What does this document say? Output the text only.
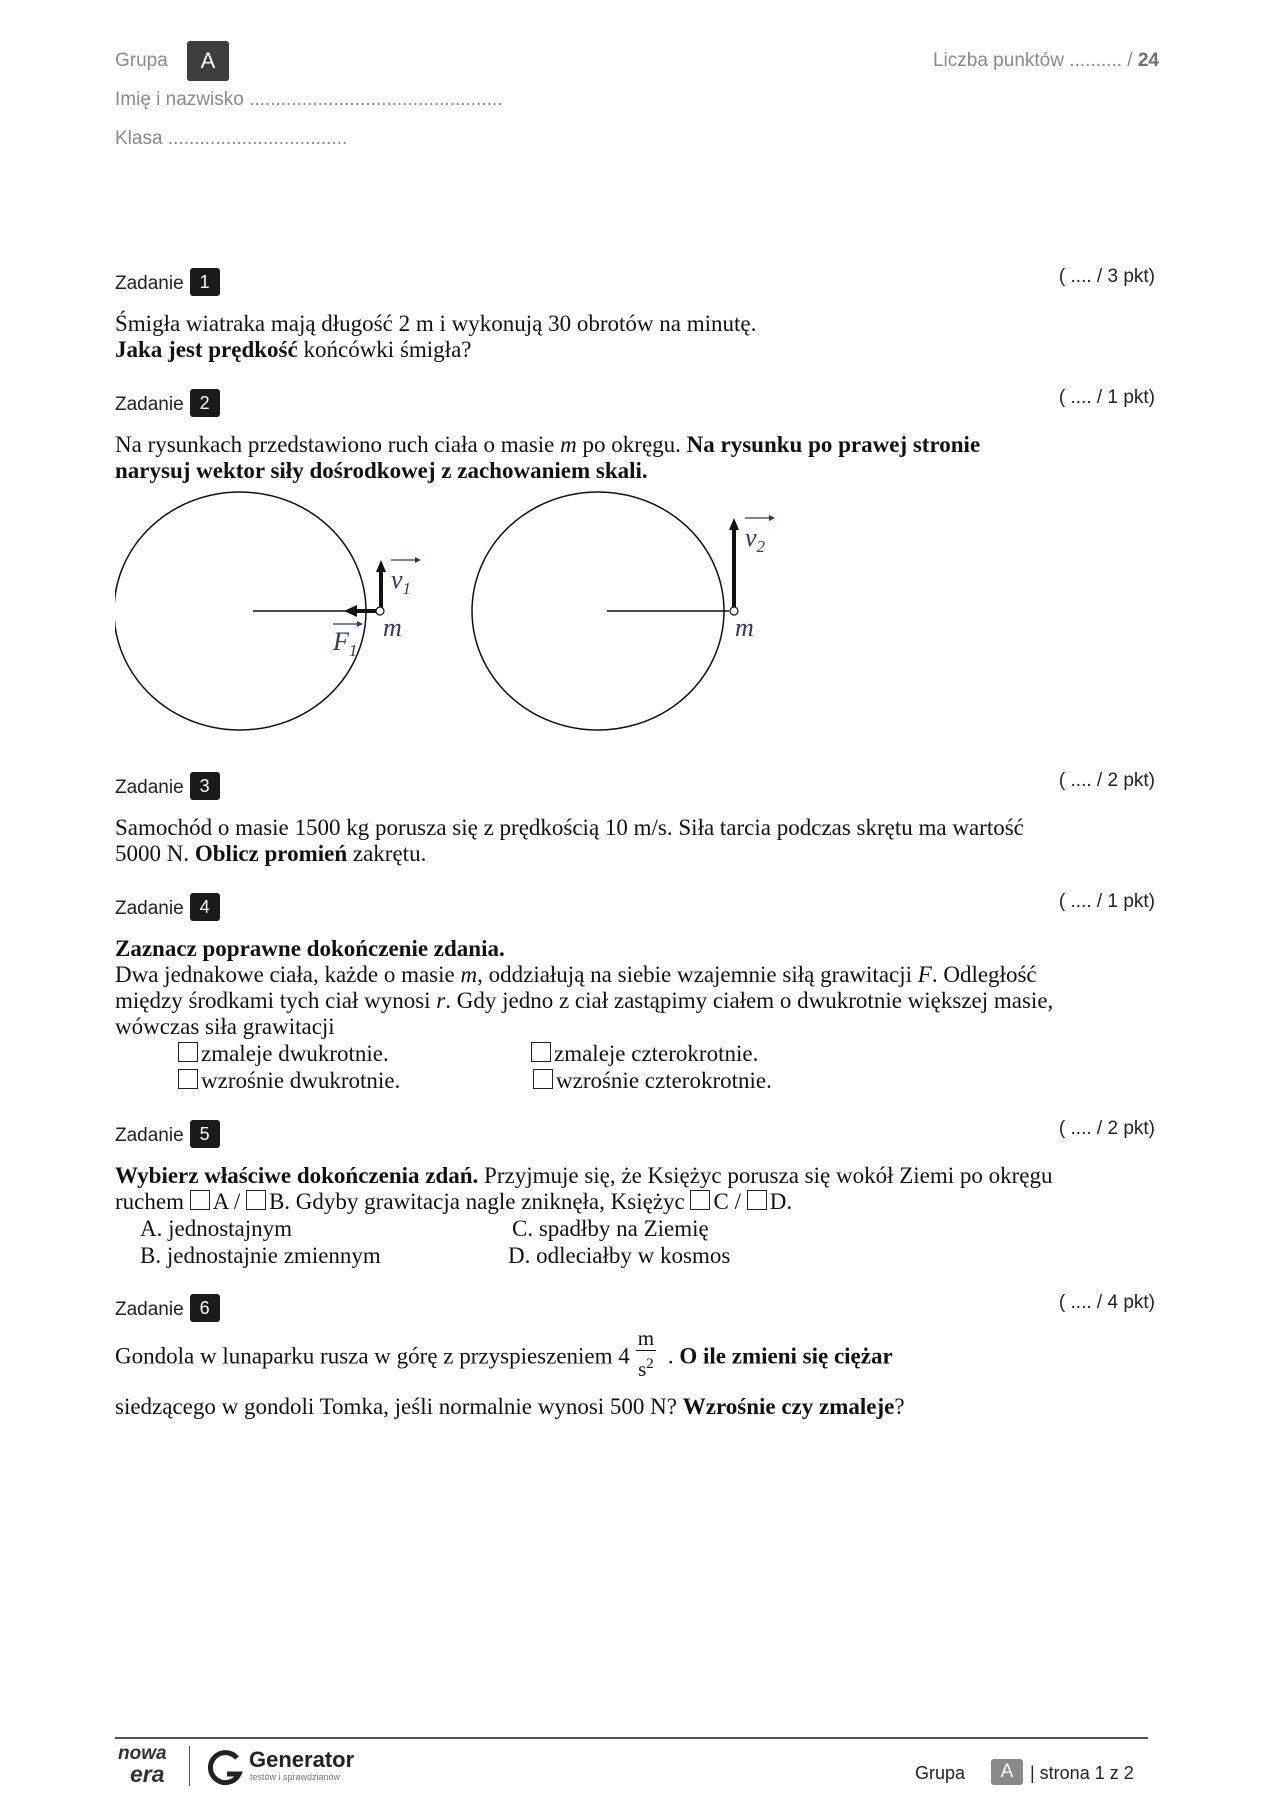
Grupa	A	Liczba punktów .......... / 24
Imię i nazwisko ................................................
Klasa ..................................
Zadanie 1	( .... / 3 pkt)
Śmigła wiatraka mają długość 2 m i wykonują 30 obrotów na minutę.
Jaka jest prędkość końcówki śmigła?
Zadanie 2	( .... / 1 pkt)
Na rysunkach przedstawiono ruch ciała o masie m po okręgu. Na rysunku po prawej stronie narysuj wektor siły dośrodkowej z zachowaniem skali.
$v_1$
$F_1$
m
$v_2$
m
Zadanie 3	( .... / 2 pkt)
Samochód o masie 1500 kg porusza się z prędkością 10 m/s. Siła tarcia podczas skrętu ma wartość 5000 N. Oblicz promień zakrętu.
Zadanie 4	( .... / 1 pkt)
Zaznacz poprawne dokończenie zdania.
Dwa jednakowe ciała, każde o masie m, oddziałują na siebie wzajemnie siłą grawitacji F. Odległość między środkami tych ciał wynosi r. Gdy jedno z ciał zastąpimy ciałem o dwukrotnie większej masie, wówczas siła grawitacji
zmaleje dwukrotnie.	zmaleje czterokrotnie.
wzrośnie dwukrotnie.	wzrośnie czterokrotnie.
Zadanie 5	( .... / 2 pkt)
Wybierz właściwe dokończenia zdań. Przyjmuje się, że Księżyc porusza się wokół Ziemi po okręgu ruchem A / B. Gdyby grawitacja nagle zniknęła, Księżyc C / D.
A. jednostajnym	C. spadłby na Ziemię
B. jednostajnie zmiennym	D. odleciałby w kosmos
Zadanie 6	( .... / 4 pkt)
Gondola w lunaparku rusza w górę z przyspieszeniem $4 \frac{m}{s^2}$ . O ile zmieni się ciężar
siedzącego w gondoli Tomka, jeśli normalnie wynosi 500 N? Wzrośnie czy zmaleje?
nowa
era
Generator
testów i sprawdzianów	Grupa	A | strona 1 z 2
